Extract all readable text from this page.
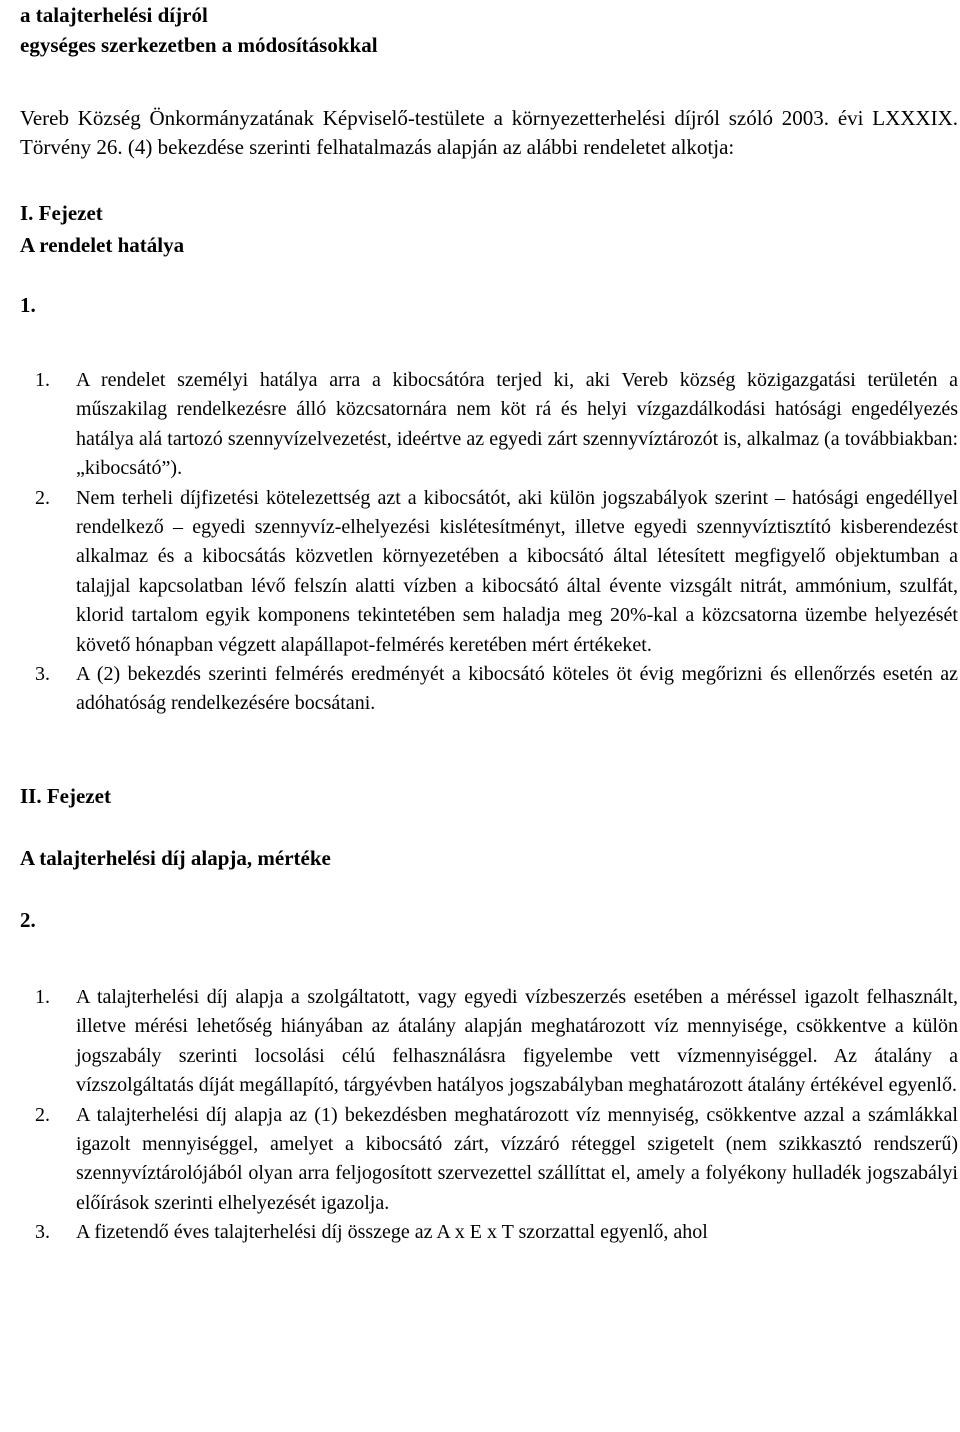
a talajterhelési díjról

egységes szerkezetben a módosításokkal

Vereb Község Önkormányzatának Képviselő-testülete a környezetterhelési díjról szóló 2003. évi LXXXIX. Törvény 26. (4) bekezdése szerinti felhatalmazás alapján az alábbi rendeletet alkotja:

I. Fejezet

A rendelet hatálya

1.

1. A rendelet személyi hatálya arra a kibocsátóra terjed ki, aki Vereb község közigazgatási területén a műszakilag rendelkezésre álló közcsatornára nem köt rá és helyi vízgazdálkodási hatósági engedélyezés hatálya alá tartozó szennyvízelvezetést, ideértve az egyedi zárt szennyvíztározót is, alkalmaz (a továbbiakban: „kibocsátó”).
2. Nem terheli díjfizetési kötelezettség azt a kibocsátót, aki külön jogszabályok szerint – hatósági engedéllyel rendelkező – egyedi szennyvíz-elhelyezési kislétesítményt, illetve egyedi szennyvíztisztító kisberendezést alkalmaz és a kibocsátás közvetlen környezetében a kibocsátó által létesített megfigyelő objektumban a talajjal kapcsolatban lévő felszín alatti vízben a kibocsátó által évente vizsgált nitrát, ammónium, szulfát, klorid tartalom egyik komponens tekintetében sem haladja meg 20%-kal a közcsatorna üzembe helyezését követő hónapban végzett alapállapot-felmérés keretében mért értékeket.
3. A (2) bekezdés szerinti felmérés eredményét a kibocsátó köteles öt évig megőrizni és ellenőrzés esetén az adóhatóság rendelkezésére bocsátani.

II. Fejezet

A talajterhelési díj alapja, mértéke

2.

1. A talajterhelési díj alapja a szolgáltatott, vagy egyedi vízbeszerzés esetében a méréssel igazolt felhasznált, illetve mérési lehetőség hiányában az átalány alapján meghatározott víz mennyisége, csökkentve a külön jogszabály szerinti locsolási célú felhasználásra figyelembe vett vízmennyiséggel. Az átalány a vízszolgáltatás díját megállapító, tárgyévben hatályos jogszabályban meghatározott átalány értékével egyenlő.
2. A talajterhelési díj alapja az (1) bekezdésben meghatározott víz mennyiség, csökkentve azzal a számlákkal igazolt mennyiséggel, amelyet a kibocsátó zárt, vízzáró réteggel szigetelt (nem szikkasztó rendszerű) szennyvíztárolójából olyan arra feljogosított szervezettel szállíttat el, amely a folyékony hulladék jogszabályi előírások szerinti elhelyezését igazolja.
3. A fizetendő éves talajterhelési díj összege az A x E x T szorzattal egyenlő, ahol
